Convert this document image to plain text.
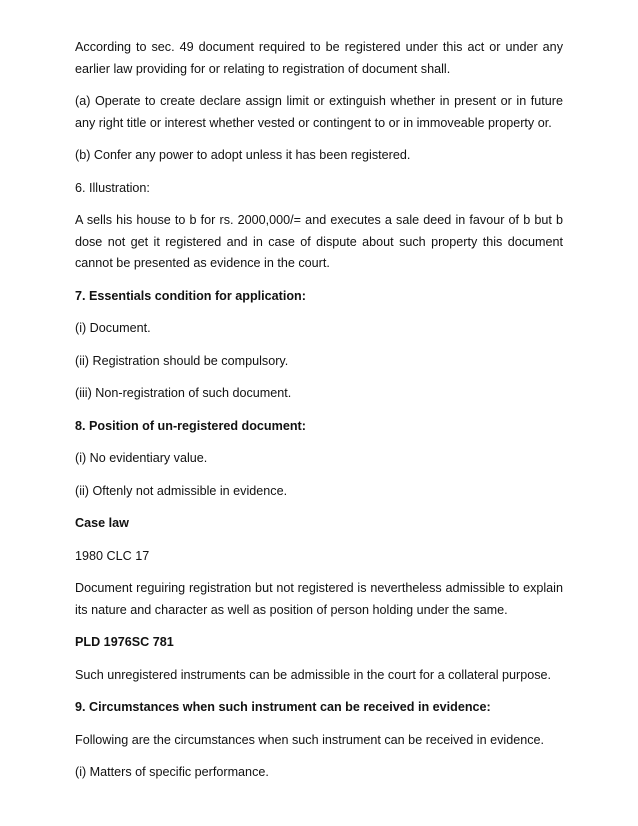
According to sec. 49 document required to be registered under this act or under any earlier law providing for or relating to registration of document shall.

(a) Operate to create declare assign limit or extinguish whether in present or in future any right title or interest whether vested or contingent to or in immoveable property or.

(b) Confer any power to adopt unless it has been registered.

6. Illustration:

A sells his house to b for rs. 2000,000/= and executes a sale deed in favour of b but b dose not get it registered and in case of dispute about such property this document cannot be presented as evidence in the court.

7. Essentials condition for application:

(i) Document.

(ii) Registration should be compulsory.

(iii) Non-registration of such document.

8. Position of un-registered document:

(i) No evidentiary value.

(ii) Oftenly not admissible in evidence.

Case law

1980 CLC 17

Document reguiring registration but not registered is nevertheless admissible to explain its nature and character as well as position of person holding under the same.

PLD 1976SC 781

Such unregistered instruments can be admissible in the court for a collateral purpose.

9. Circumstances when such instrument can be received in evidence:

Following are the circumstances when such instrument can be received in evidence.

(i) Matters of specific performance.
